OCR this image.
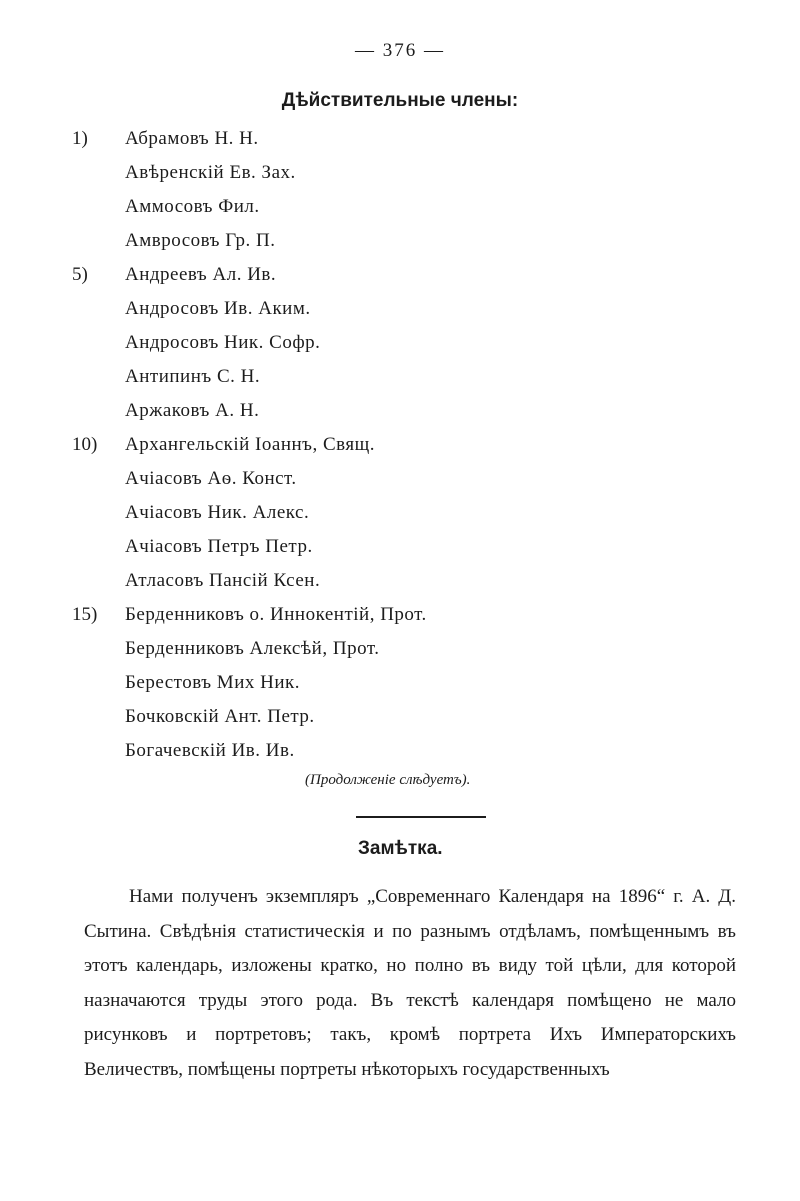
— 376 —
Дѣйствительные члены:
1)	Абрамовъ Н. Н.
Авѣренскій Ев. Зах.
Аммосовъ Фил.
Амвросовъ Гр. П.
5)	Андреевъ Ал. Ив.
Андросовъ Ив. Аким.
Андросовъ Ник. Софр.
Антипинъ С. Н.
Аржаковъ А. Н.
10)	Архангельскій Іоаннъ, Свящ.
Ачіасовъ Аѳ. Конст.
Ачіасовъ Ник. Алекс.
Ачіасовъ Петръ Петр.
Атласовъ Пансій Ксен.
15)	Берденниковъ о. Иннокентій, Прот.
Берденниковъ Алексѣй, Прот.
Берестовъ Мих Ник.
Бочковскій Ант. Петр.
Богачевскій Ив. Ив.
(Продолженіе слѣдуетъ).
Замѣтка.
Нами полученъ экземпляръ „Современнаго Календаря на 1896“ г. А. Д. Сытина. Свѣдѣнія статистическія и по разнымъ отдѣламъ, помѣщеннымъ въ этотъ календарь, изложены кратко, но полно въ виду той цѣли, для которой назначаются труды этого рода. Въ текстѣ календаря помѣщено не мало рисунковъ и портретовъ; такъ, кромѣ портрета Ихъ Императорскихъ Величествъ, помѣщены портреты нѣкоторыхъ государственныхъ
